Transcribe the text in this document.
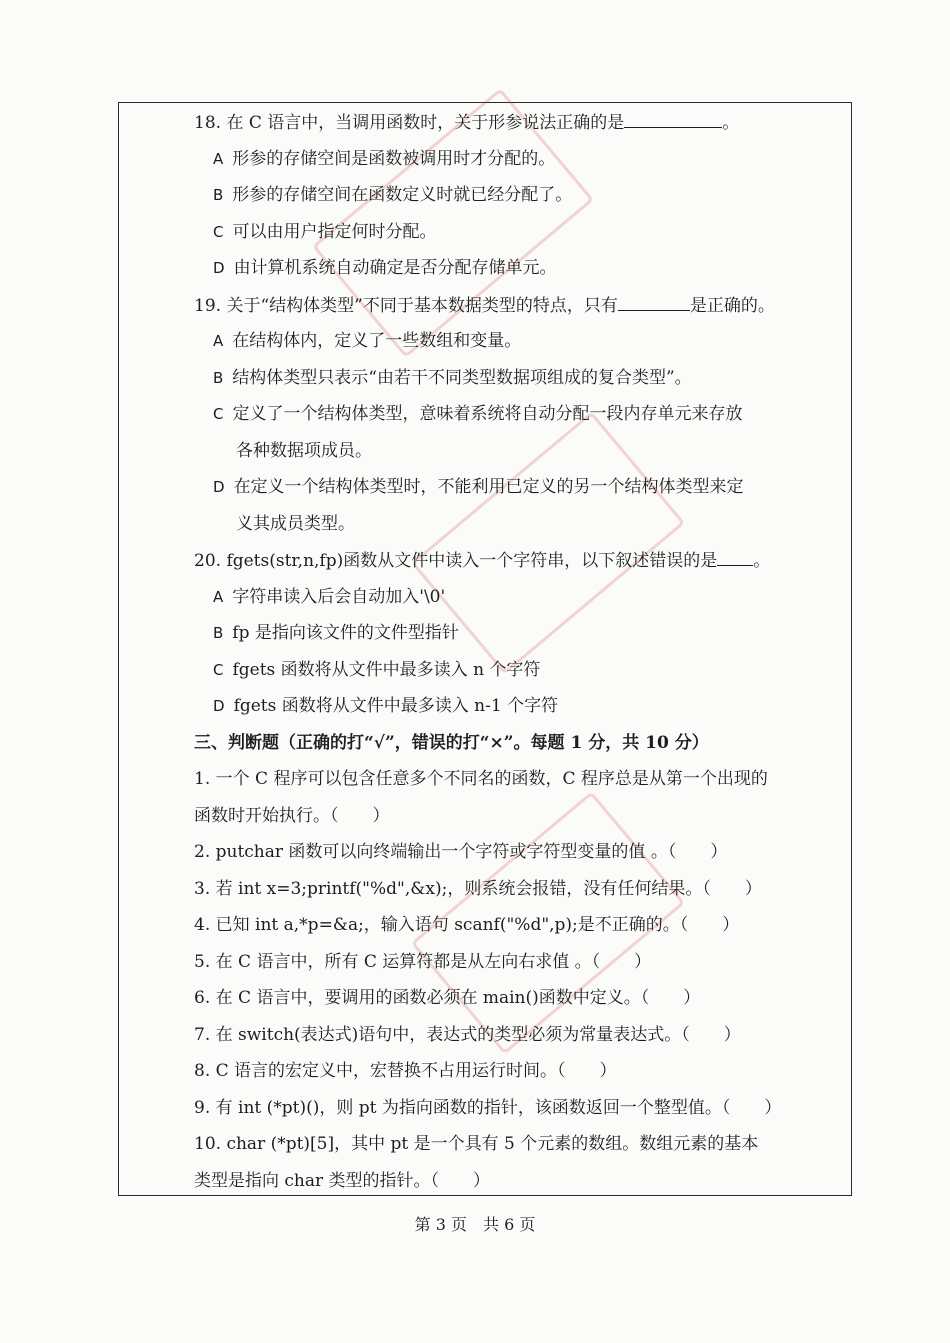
18. 在 C 语言中，当调用函数时，关于形参说法正确的是	。
A 形参的存储空间是函数被调用时才分配的。
B 形参的存储空间在函数定义时就已经分配了。
C 可以由用户指定何时分配。
D 由计算机系统自动确定是否分配存储单元。
19. 关于“结构体类型”不同于基本数据类型的特点，只有	是正确的。
A 在结构体内，定义了一些数组和变量。
B 结构体类型只表示“由若干不同类型数据项组成的复合类型”。
C 定义了一个结构体类型，意味着系统将自动分配一段内存单元来存放
各种数据项成员。
D 在定义一个结构体类型时，不能利用已定义的另一个结构体类型来定
义其成员类型。
20. fgets(str,n,fp)函数从文件中读入一个字符串，以下叙述错误的是 。
A 字符串读入后会自动加入'\0'
B fp 是指向该文件的文件型指针
C fgets 函数将从文件中最多读入 n 个字符
D fgets 函数将从文件中最多读入 n-1 个字符
三、判断题（正确的打“√”，错误的打“×”。每题 1 分，共 10 分）
1. 一个 C 程序可以包含任意多个不同名的函数，C 程序总是从第一个出现的
函数时开始执行。（　　）
2. putchar 函数可以向终端输出一个字符或字符型变量的值 。（　　）
3. 若 int x=3;printf("%d",&x);，则系统会报错，没有任何结果。（　　）
4. 已知 int a,*p=&a;，输入语句 scanf("%d",p);是不正确的。（　　）
5. 在 C 语言中，所有 C 运算符都是从左向右求值 。（　　）
6. 在 C 语言中，要调用的函数必须在 main()函数中定义。（　　）
7. 在 switch(表达式)语句中，表达式的类型必须为常量表达式。（　　）
8. C 语言的宏定义中，宏替换不占用运行时间。（　　）
9. 有 int (*pt)()，则 pt 为指向函数的指针，该函数返回一个整型值。（　　）
10. char (*pt)[5]，其中 pt 是一个具有 5 个元素的数组。数组元素的基本
类型是指向 char 类型的指针。（　　）
第 3 页　共 6 页
